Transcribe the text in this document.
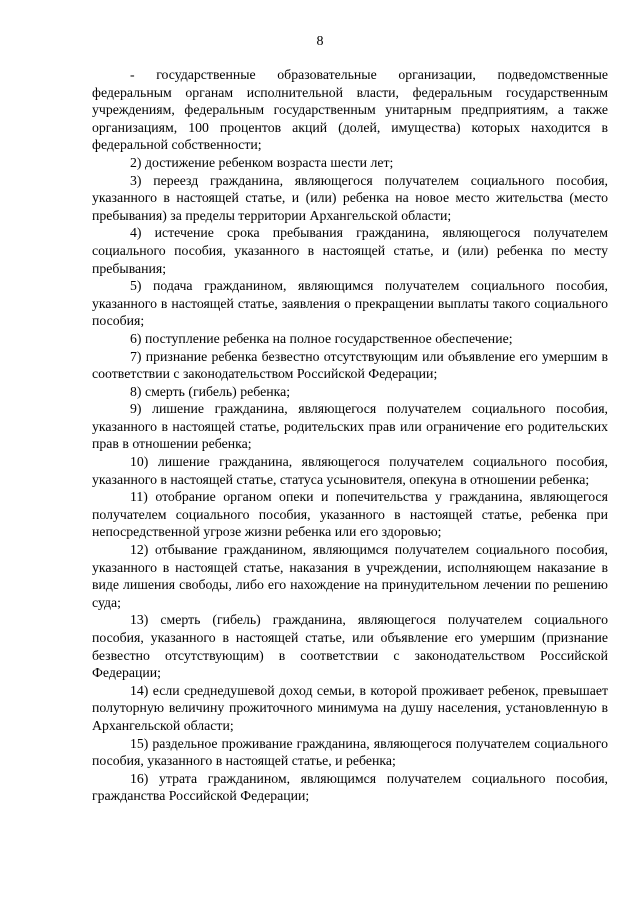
8

- государственные образовательные организации, подведомственные федеральным органам исполнительной власти, федеральным государственным учреждениям, федеральным государственным унитарным предприятиям, а также организациям, 100 процентов акций (долей, имущества) которых находится в федеральной собственности;

2) достижение ребенком возраста шести лет;

3) переезд гражданина, являющегося получателем социального пособия, указанного в настоящей статье, и (или) ребенка на новое место жительства (место пребывания) за пределы территории Архангельской области;

4) истечение срока пребывания гражданина, являющегося получателем социального пособия, указанного в настоящей статье, и (или) ребенка по месту пребывания;

5) подача гражданином, являющимся получателем социального пособия, указанного в настоящей статье, заявления о прекращении выплаты такого социального пособия;

6) поступление ребенка на полное государственное обеспечение;

7) признание ребенка безвестно отсутствующим или объявление его умершим в соответствии с законодательством Российской Федерации;

8) смерть (гибель) ребенка;

9) лишение гражданина, являющегося получателем социального пособия, указанного в настоящей статье, родительских прав или ограничение его родительских прав в отношении ребенка;

10) лишение гражданина, являющегося получателем социального пособия, указанного в настоящей статье, статуса усыновителя, опекуна в отношении ребенка;

11) отобрание органом опеки и попечительства у гражданина, являющегося получателем социального пособия, указанного в настоящей статье, ребенка при непосредственной угрозе жизни ребенка или его здоровью;

12) отбывание гражданином, являющимся получателем социального пособия, указанного в настоящей статье, наказания в учреждении, исполняющем наказание в виде лишения свободы, либо его нахождение на принудительном лечении по решению суда;

13) смерть (гибель) гражданина, являющегося получателем социального пособия, указанного в настоящей статье, или объявление его умершим (признание безвестно отсутствующим) в соответствии с законодательством Российской Федерации;

14) если среднедушевой доход семьи, в которой проживает ребенок, превышает полуторную величину прожиточного минимума на душу населения, установленную в Архангельской области;

15) раздельное проживание гражданина, являющегося получателем социального пособия, указанного в настоящей статье, и ребенка;

16) утрата гражданином, являющимся получателем социального пособия, гражданства Российской Федерации;
